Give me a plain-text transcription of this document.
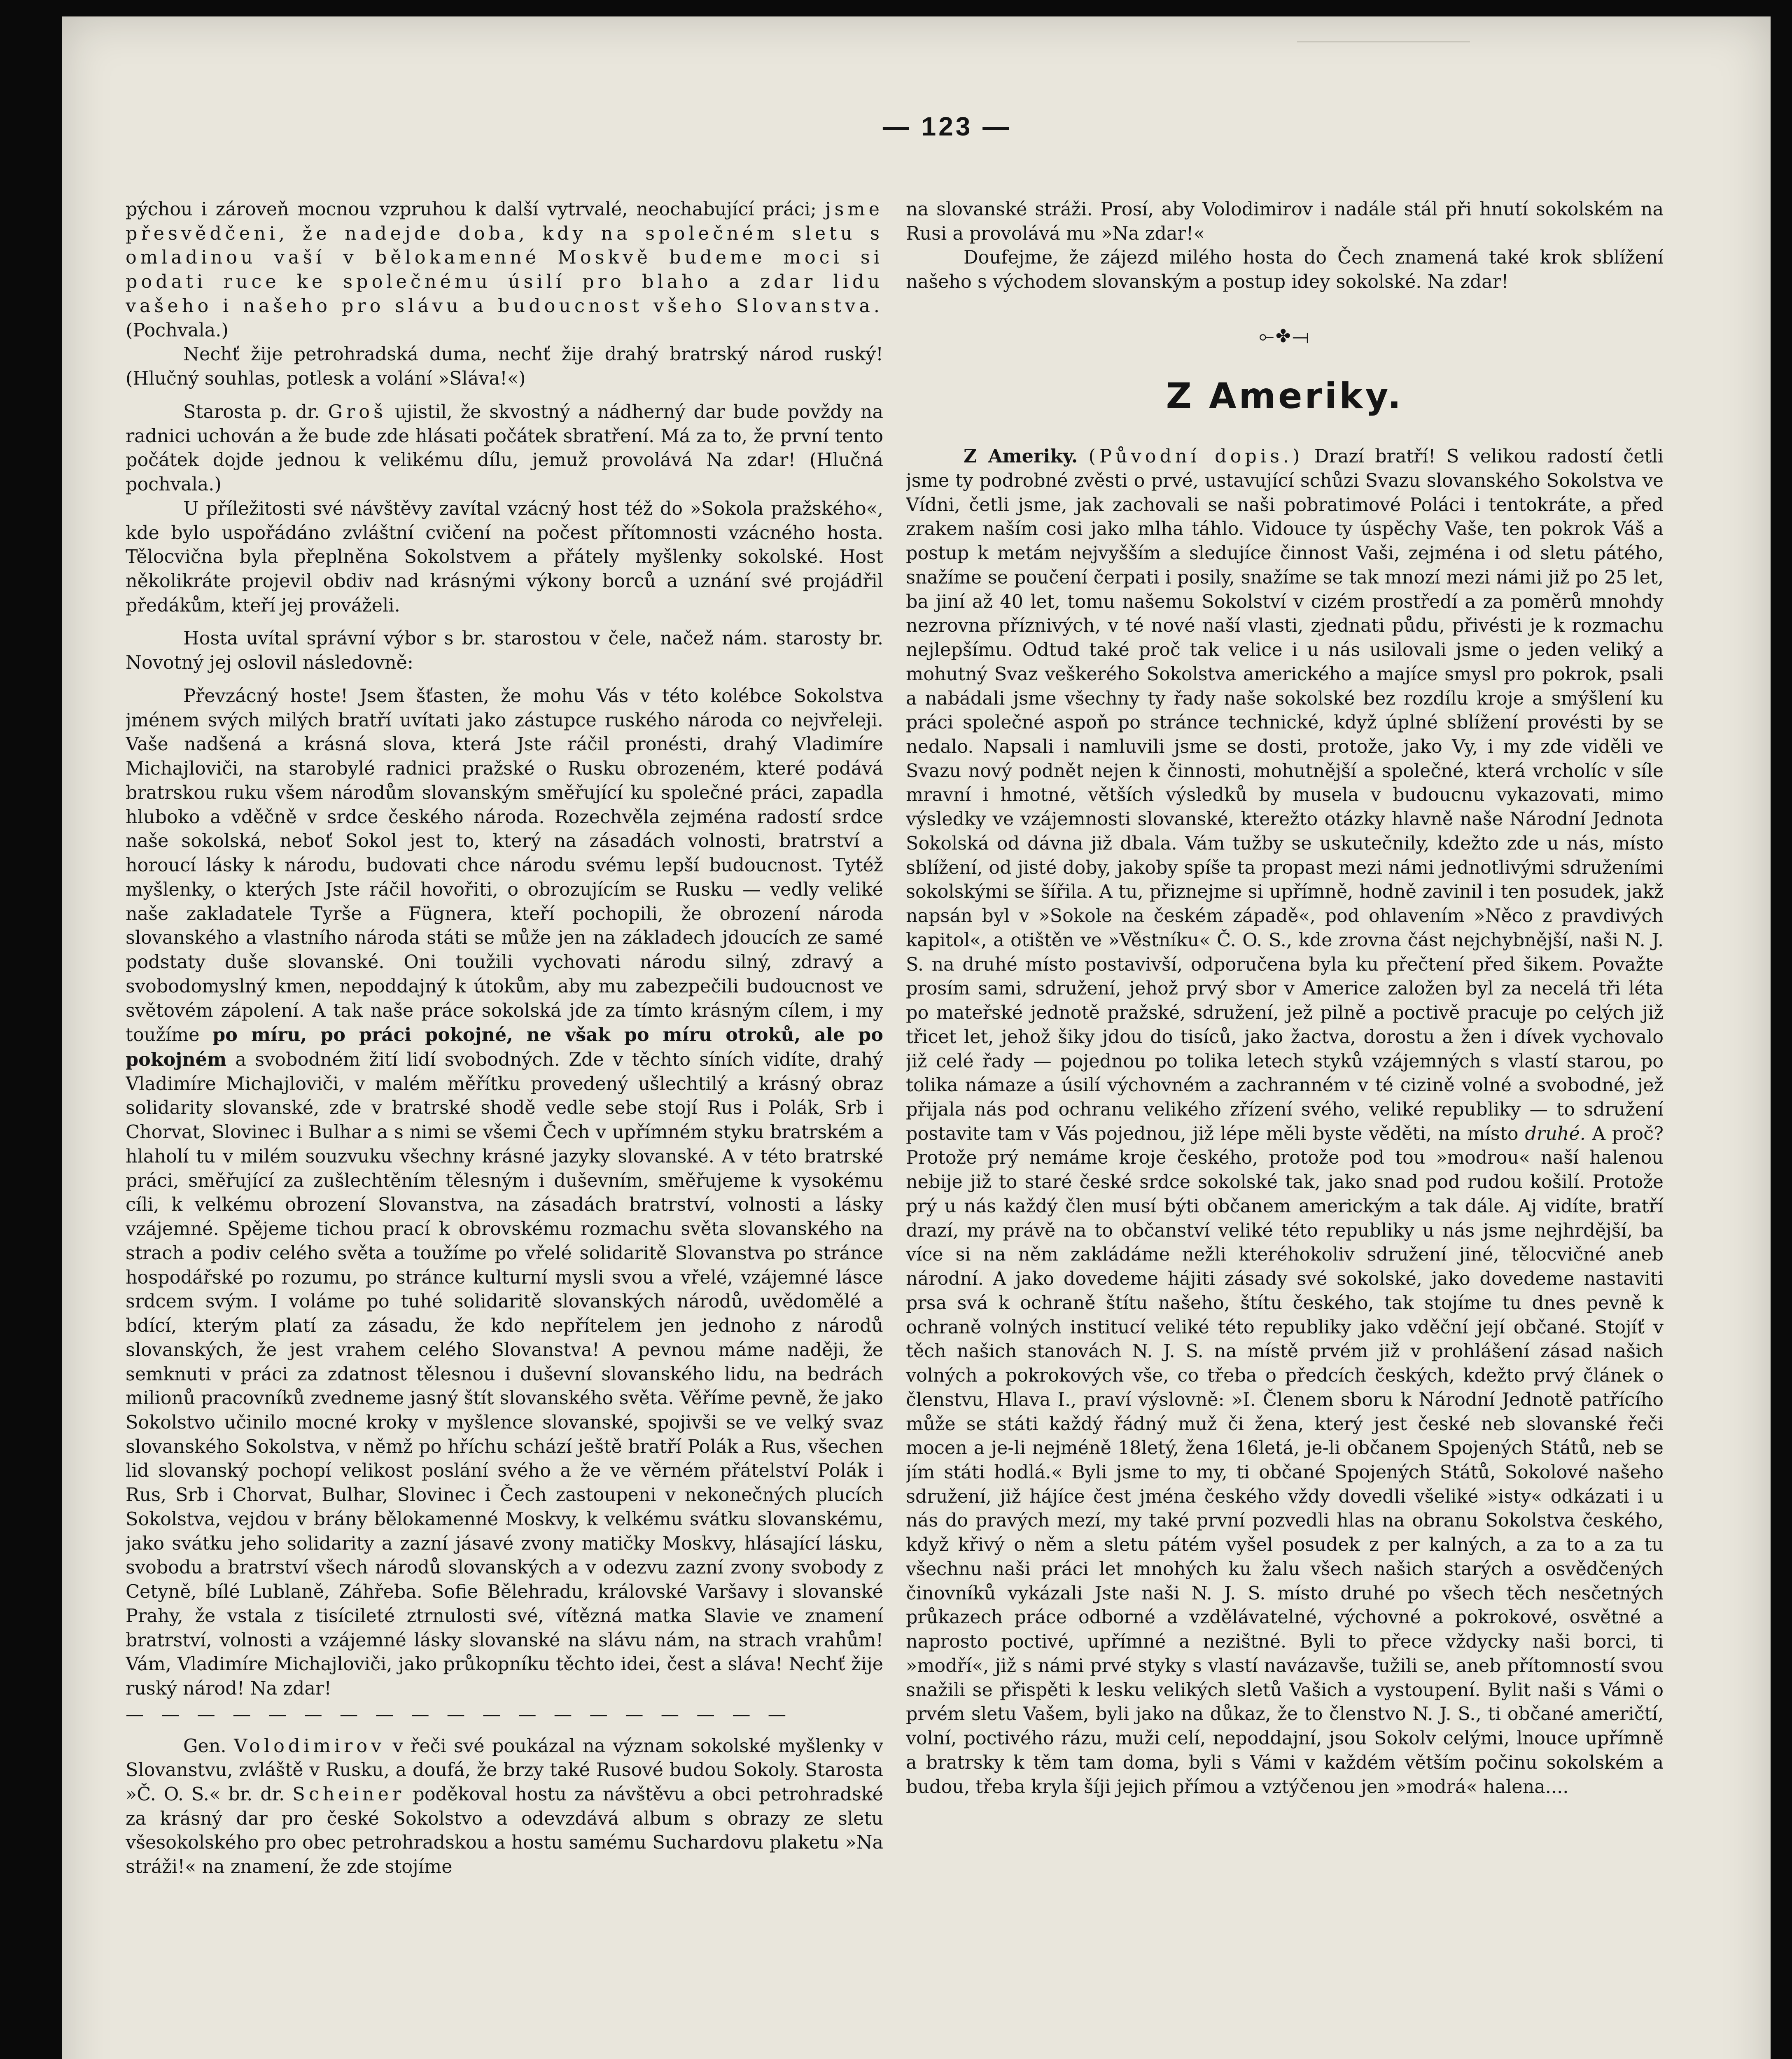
— 123 —

pýchou i zároveň mocnou vzpruhou k další vytrvalé, neochabující práci; jsme přesvědčeni, že nadejde doba, kdy na společném sletu s omladinou vaší v bělokamenné Moskvě budeme moci si podati ruce ke společnému úsilí pro blaho a zdar lidu vašeho i našeho pro slávu a budoucnost všeho Slovanstva. (Pochvala.)

Nechť žije petrohradská duma, nechť žije drahý bratrský národ ruský! (Hlučný souhlas, potlesk a volání »Sláva!«)

Starosta p. dr. Groš ujistil, že skvostný a nádherný dar bude povždy na radnici uchován a že bude zde hlásati počátek sbratření. Má za to, že první tento počátek dojde jednou k velikému dílu, jemuž provolává Na zdar! (Hlučná pochvala.)

U příležitosti své návštěvy zavítal vzácný host též do »Sokola pražského«, kde bylo uspořádáno zvláštní cvičení na počest přítomnosti vzácného hosta. Tělocvična byla přeplněna Sokolstvem a přátely myšlenky sokolské. Host několikráte projevil obdiv nad krásnými výkony borců a uznání své projádřil předákům, kteří jej prováželi.

Hosta uvítal správní výbor s br. starostou v čele, načež nám. starosty br. Novotný jej oslovil následovně:

Převzácný hoste! Jsem šťasten, že mohu Vás v této kolébce Sokolstva jménem svých milých bratří uvítati jako zástupce ruského národa co nejvřeleji. Vaše nadšená a krásná slova, která Jste ráčil pronésti, drahý Vladimíre Michajloviči, na starobylé radnici pražské o Rusku obrozeném, které podává bratrskou ruku všem národům slovanským směřující ku společné práci, zapadla hluboko a vděčně v srdce českého národa. Rozechvěla zejména radostí srdce naše sokolská, neboť Sokol jest to, který na zásadách volnosti, bratrství a horoucí lásky k národu, budovati chce národu svému lepší budoucnost. Tytéž myšlenky, o kterých Jste ráčil hovořiti, o obrozujícím se Rusku — vedly veliké naše zakladatele Tyrše a Fügnera, kteří pochopili, že obrození národa slovanského a vlastního národa státi se může jen na základech jdoucích ze samé podstaty duše slovanské. Oni toužili vychovati národu silný, zdravý a svobodomyslný kmen, nepoddajný k útokům, aby mu zabezpečili budoucnost ve světovém zápolení. A tak naše práce sokolská jde za tímto krásným cílem, i my toužíme po míru, po práci pokojné, ne však po míru otroků, ale po pokojném a svobodném žití lidí svobodných. Zde v těchto síních vidíte, drahý Vladimíre Michajloviči, v malém měřítku provedený ušlechtilý a krásný obraz solidarity slovanské, zde v bratrské shodě vedle sebe stojí Rus i Polák, Srb i Chorvat, Slovinec i Bulhar a s nimi se všemi Čech v upřímném styku bratrském a hlaholí tu v milém souzvuku všechny krásné jazyky slovanské. A v této bratrské práci, směřující za zušlechtěním tělesným i duševním, směřujeme k vysokému cíli, k velkému obrození Slovanstva, na zásadách bratrství, volnosti a lásky vzájemné. Spějeme tichou prací k obrovskému rozmachu světa slovanského na strach a podiv celého světa a toužíme po vřelé solidaritě Slovanstva po stránce hospodářské po rozumu, po stránce kulturní mysli svou a vřelé, vzájemné lásce srdcem svým. I voláme po tuhé solidaritě slovanských národů, uvědomělé a bdící, kterým platí za zásadu, že kdo nepřítelem jen jednoho z národů slovanských, že jest vrahem celého Slovanstva! A pevnou máme naději, že semknuti v práci za zdatnost tělesnou i duševní slovanského lidu, na bedrách milionů pracovníků zvedneme jasný štít slovanského světa. Věříme pevně, že jako Sokolstvo učinilo mocné kroky v myšlence slovanské, spojivši se ve velký svaz slovanského Sokolstva, v němž po hříchu schází ještě bratří Polák a Rus, všechen lid slovanský pochopí velikost poslání svého a že ve věrném přátelství Polák i Rus, Srb i Chorvat, Bulhar, Slovinec i Čech zastoupeni v nekonečných plucích Sokolstva, vejdou v brány bělokamenné Moskvy, k velkému svátku slovanskému, jako svátku jeho solidarity a zazní jásavé zvony matičky Moskvy, hlásající lásku, svobodu a bratrství všech národů slovanských a v odezvu zazní zvony svobody z Cetyně, bílé Lublaně, Záhřeba. Sofie Bělehradu, královské Varšavy i slovanské Prahy, že vstala z tisícileté ztrnulosti své, vítězná matka Slavie ve znamení bratrství, volnosti a vzájemné lásky slovanské na slávu nám, na strach vrahům! Vám, Vladimíre Michajloviči, jako průkopníku těchto idei, čest a sláva! Nechť žije ruský národ! Na zdar!

— — — — — — — — — — — — — — — — — — —

Gen. Volodimirov v řeči své poukázal na význam sokolské myšlenky v Slovanstvu, zvláště v Rusku, a doufá, že brzy také Rusové budou Sokoly. Starosta »Č. O. S.« br. dr. Scheiner poděkoval hostu za návštěvu a obci petrohradské za krásný dar pro české Sokolstvo a odevzdává album s obrazy ze sletu všesokolského pro obec petrohradskou a hostu samému Suchardovu plaketu »Na stráži!« na znamení, že zde stojíme

na slovanské stráži. Prosí, aby Volodimirov i nadále stál při hnutí sokolském na Rusi a provolává mu »Na zdar!«

Doufejme, že zájezd milého hosta do Čech znamená také krok sblížení našeho s východem slovanským a postup idey sokolské. Na zdar!

⟜✤⟞
Z Ameriky.

Z Ameriky. (Původní dopis.) Drazí bratří! S velikou radostí četli jsme ty podrobné zvěsti o prvé, ustavující schůzi Svazu slovanského Sokolstva ve Vídni, četli jsme, jak zachovali se naši pobratimové Poláci i tentokráte, a před zrakem naším cosi jako mlha táhlo. Vidouce ty úspěchy Vaše, ten pokrok Váš a postup k metám nejvyšším a sledujíce činnost Vaši, zejména i od sletu pátého, snažíme se poučení čerpati i posily, snažíme se tak mnozí mezi námi již po 25 let, ba jiní až 40 let, tomu našemu Sokolství v cizém prostředí a za poměrů mnohdy nezrovna příznivých, v té nové naší vlasti, zjednati půdu, přivésti je k rozmachu nejlepšímu. Odtud také proč tak velice i u nás usilovali jsme o jeden veliký a mohutný Svaz veškerého Sokolstva amerického a majíce smysl pro pokrok, psali a nabádali jsme všechny ty řady naše sokolské bez rozdílu kroje a smýšlení ku práci společné aspoň po stránce technické, když úplné sblížení provésti by se nedalo. Napsali i namluvili jsme se dosti, protože, jako Vy, i my zde viděli ve Svazu nový podnět nejen k činnosti, mohutnější a společné, která vrcholíc v síle mravní i hmotné, větších výsledků by musela v budoucnu vykazovati, mimo výsledky ve vzájemnosti slovanské, kterežto otázky hlavně naše Národní Jednota Sokolská od dávna již dbala. Vám tužby se uskutečnily, kdežto zde u nás, místo sblížení, od jisté doby, jakoby spíše ta propast mezi námi jednotlivými sdruženími sokolskými se šířila. A tu, přiznejme si upřímně, hodně zavinil i ten posudek, jakž napsán byl v »Sokole na českém západě«, pod ohlavením »Něco z pravdivých kapitol«, a otištěn ve »Věstníku« Č. O. S., kde zrovna část nejchybnější, naši N. J. S. na druhé místo postavivší, odporučena byla ku přečtení před šikem. Považte prosím sami, sdružení, jehož prvý sbor v Americe založen byl za necelá tři léta po mateřské jednotě pražské, sdružení, jež pilně a poctivě pracuje po celých již třicet let, jehož šiky jdou do tisíců, jako žactva, dorostu a žen i dívek vychovalo již celé řady — pojednou po tolika letech styků vzájemných s vlastí starou, po tolika námaze a úsilí výchovném a zachranném v té cizině volné a svobodné, jež přijala nás pod ochranu velikého zřízení svého, veliké republiky — to sdružení postavite tam v Vás pojednou, již lépe měli byste věděti, na místo druhé. A proč? Protože prý nemáme kroje českého, protože pod tou »modrou« naší halenou nebije již to staré české srdce sokolské tak, jako snad pod rudou košilí. Protože prý u nás každý člen musí býti občanem americkým a tak dále. Aj vidíte, bratří drazí, my právě na to občanství veliké této republiky u nás jsme nejhrdější, ba více si na něm zakládáme nežli kteréhokoliv sdružení jiné, tělocvičné aneb národní. A jako dovedeme hájiti zásady své sokolské, jako dovedeme nastaviti prsa svá k ochraně štítu našeho, štítu českého, tak stojíme tu dnes pevně k ochraně volných institucí veliké této republiky jako vděční její občané. Stojíť v těch našich stanovách N. J. S. na místě prvém již v prohlášení zásad našich volných a pokrokových vše, co třeba o předcích českých, kdežto prvý článek o členstvu, Hlava I., praví výslovně: »I. Členem sboru k Národní Jednotě patřícího může se státi každý řádný muž či žena, který jest české neb slovanské řeči mocen a je-li nejméně 18letý, žena 16letá, je-li občanem Spojených Států, neb se jím státi hodlá.« Byli jsme to my, ti občané Spojených Států, Sokolové našeho sdružení, již hájíce čest jména českého vždy dovedli všeliké »isty« odkázati i u nás do pravých mezí, my také první pozvedli hlas na obranu Sokolstva českého, když křivý o něm a sletu pátém vyšel posudek z per kalných, a za to a za tu všechnu naši práci let mnohých ku žalu všech našich starých a osvědčených činovníků vykázali Jste naši N. J. S. místo druhé po všech těch nesčetných průkazech práce odborné a vzdělávatelné, výchovné a pokrokové, osvětné a naprosto poctivé, upřímné a nezištné. Byli to přece vždycky naši borci, ti »modří«, již s námi prvé styky s vlastí navázavše, tužili se, aneb přítomností svou snažili se přispěti k lesku velikých sletů Vašich a vystoupení. Bylit naši s Vámi o prvém sletu Vašem, byli jako na důkaz, že to členstvo N. J. S., ti občané američtí, volní, poctivého rázu, muži celí, nepoddajní, jsou Sokolv celými, lnouce upřímně a bratrsky k těm tam doma, byli s Vámi v každém větším počinu sokolském a budou, třeba kryla šíji jejich přímou a vztýčenou jen »modrá« halena....
